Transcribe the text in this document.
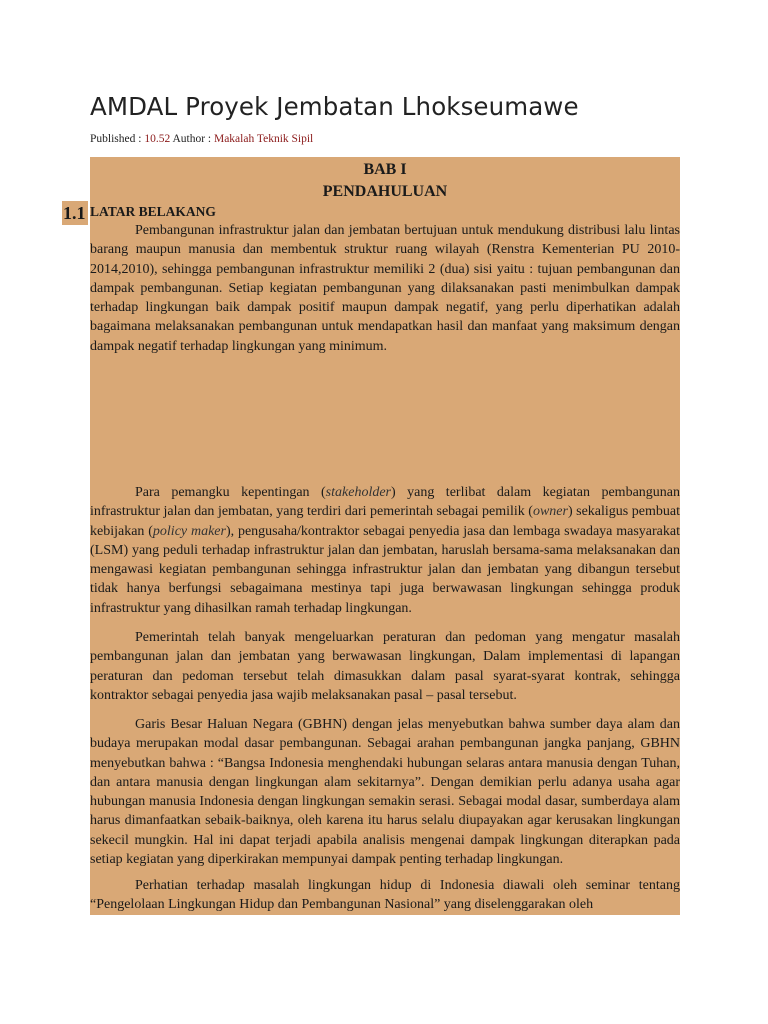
AMDAL Proyek Jembatan Lhokseumawe
Published : 10.52 Author : Makalah Teknik Sipil
BAB I
PENDAHULUAN
LATAR BELAKANG

Pembangunan infrastruktur jalan dan jembatan bertujuan untuk mendukung distribusi lalu lintas barang maupun manusia dan membentuk struktur ruang wilayah (Renstra Kementerian PU 2010-2014,2010), sehingga pembangunan infrastruktur memiliki 2 (dua) sisi yaitu : tujuan pembangunan dan dampak pembangunan. Setiap kegiatan pembangunan yang dilaksanakan pasti menimbulkan dampak terhadap lingkungan baik dampak positif maupun dampak negatif, yang perlu diperhatikan adalah bagaimana melaksanakan pembangunan untuk mendapatkan hasil dan manfaat yang maksimum dengan dampak negatif terhadap lingkungan yang minimum.

Para pemangku kepentingan (stakeholder) yang terlibat dalam kegiatan pembangunan infrastruktur jalan dan jembatan, yang terdiri dari pemerintah sebagai pemilik (owner) sekaligus pembuat kebijakan (policy maker), pengusaha/kontraktor sebagai penyedia jasa dan lembaga swadaya masyarakat (LSM) yang peduli terhadap infrastruktur jalan dan jembatan, haruslah bersama-sama melaksanakan dan mengawasi kegiatan pembangunan sehingga infrastruktur jalan dan jembatan yang dibangun tersebut tidak hanya berfungsi sebagaimana mestinya tapi juga berwawasan lingkungan sehingga produk infrastruktur yang dihasilkan ramah terhadap lingkungan.

Pemerintah telah banyak mengeluarkan peraturan dan pedoman yang mengatur masalah pembangunan jalan dan jembatan yang berwawasan lingkungan, Dalam implementasi di lapangan peraturan dan pedoman tersebut telah dimasukkan dalam pasal syarat-syarat kontrak, sehingga kontraktor sebagai penyedia jasa wajib melaksanakan pasal – pasal tersebut.

Garis Besar Haluan Negara (GBHN) dengan jelas menyebutkan bahwa sumber daya alam dan budaya merupakan modal dasar pembangunan. Sebagai arahan pembangunan jangka panjang, GBHN menyebutkan bahwa : “Bangsa Indonesia menghendaki hubungan selaras antara manusia dengan Tuhan, dan antara manusia dengan lingkungan alam sekitarnya”. Dengan demikian perlu adanya usaha agar hubungan manusia Indonesia dengan lingkungan semakin serasi. Sebagai modal dasar, sumberdaya alam harus dimanfaatkan sebaik-baiknya, oleh karena itu harus selalu diupayakan agar kerusakan lingkungan sekecil mungkin. Hal ini dapat terjadi apabila analisis mengenai dampak lingkungan diterapkan pada setiap kegiatan yang diperkirakan mempunyai dampak penting terhadap lingkungan.

Perhatian terhadap masalah lingkungan hidup di Indonesia diawali oleh seminar tentang “Pengelolaan Lingkungan Hidup dan Pembangunan Nasional” yang diselenggarakan oleh

1.1
